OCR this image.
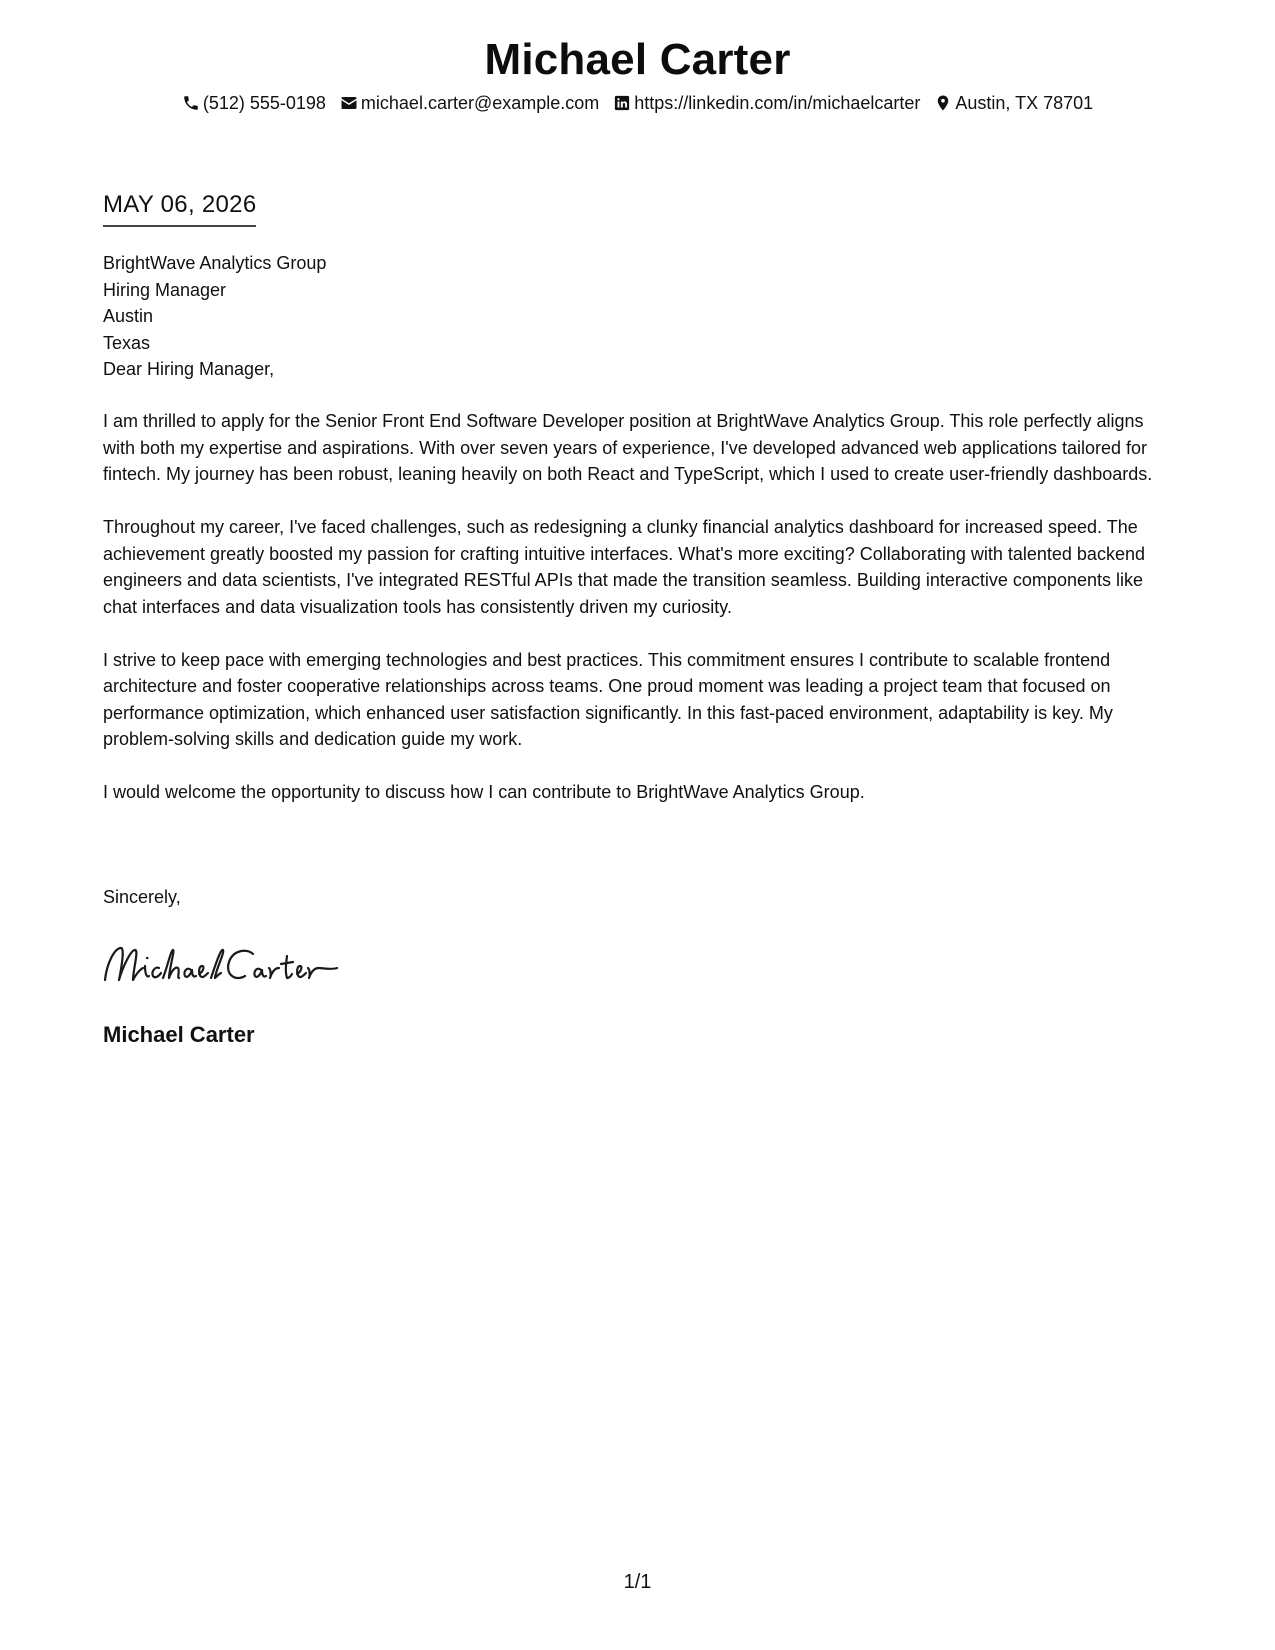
Michael Carter
(512) 555-0198 michael.carter@example.com https://linkedin.com/in/michaelcarter Austin, TX 78701
MAY 06, 2026
BrightWave Analytics Group
Hiring Manager
Austin
Texas
Dear Hiring Manager,

I am thrilled to apply for the Senior Front End Software Developer position at BrightWave Analytics Group. This role perfectly aligns with both my expertise and aspirations. With over seven years of experience, I've developed advanced web applications tailored for fintech. My journey has been robust, leaning heavily on both React and TypeScript, which I used to create user-friendly dashboards.

Throughout my career, I've faced challenges, such as redesigning a clunky financial analytics dashboard for increased speed. The achievement greatly boosted my passion for crafting intuitive interfaces. What's more exciting? Collaborating with talented backend engineers and data scientists, I've integrated RESTful APIs that made the transition seamless. Building interactive components like chat interfaces and data visualization tools has consistently driven my curiosity.

I strive to keep pace with emerging technologies and best practices. This commitment ensures I contribute to scalable frontend architecture and foster cooperative relationships across teams. One proud moment was leading a project team that focused on performance optimization, which enhanced user satisfaction significantly. In this fast-paced environment, adaptability is key. My problem-solving skills and dedication guide my work.

I would welcome the opportunity to discuss how I can contribute to BrightWave Analytics Group.

Sincerely,
Michael Carter
1/1
